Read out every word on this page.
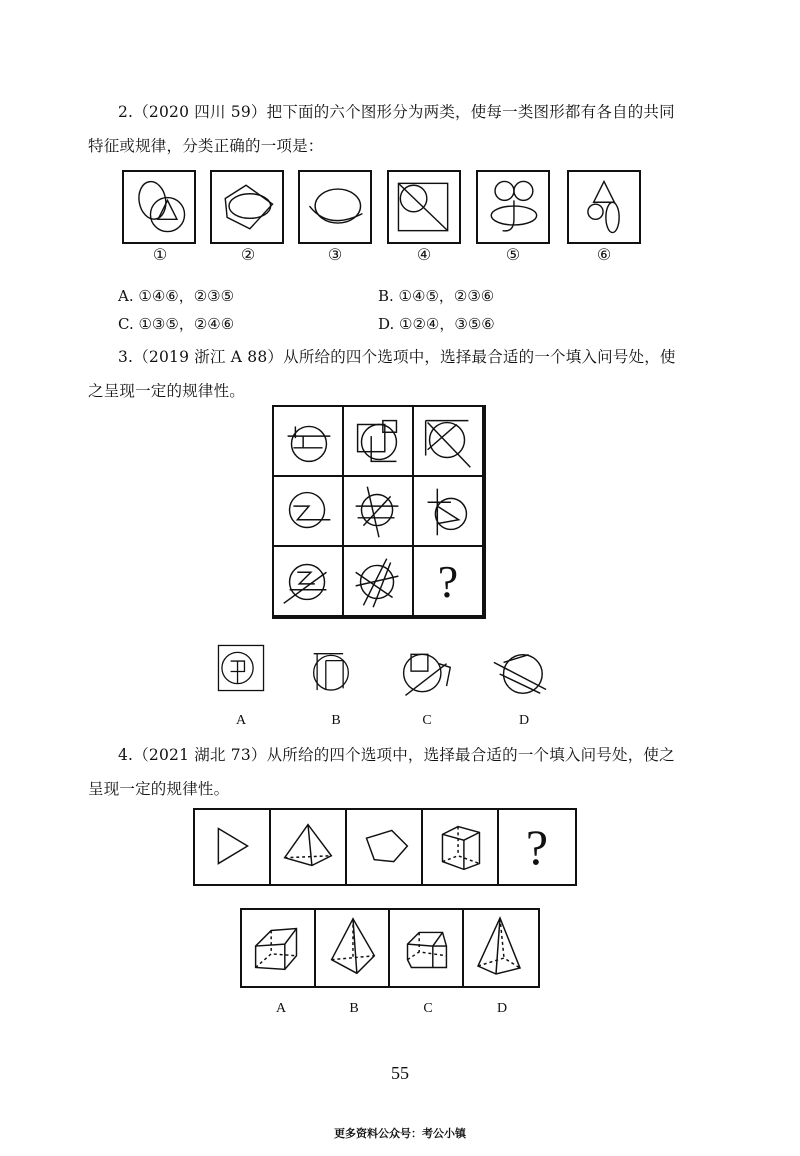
2.（2020 四川 59）把下面的六个图形分为两类，使每一类图形都有各自的共同
特征或规律，分类正确的一项是：
①	②	③	④	⑤	⑥
A. ①④⑥，②③⑤	B. ①④⑤，②③⑥
C. ①③⑤，②④⑥	D. ①②④，③⑤⑥
3.（2019 浙江 A 88）从所给的四个选项中，选择最合适的一个填入问号处，使
之呈现一定的规律性。
?
A	B	C	D
4.（2021 湖北 73）从所给的四个选项中，选择最合适的一个填入问号处，使之
呈现一定的规律性。
?
A	B	C	D
55
更多资料公众号：考公小镇
